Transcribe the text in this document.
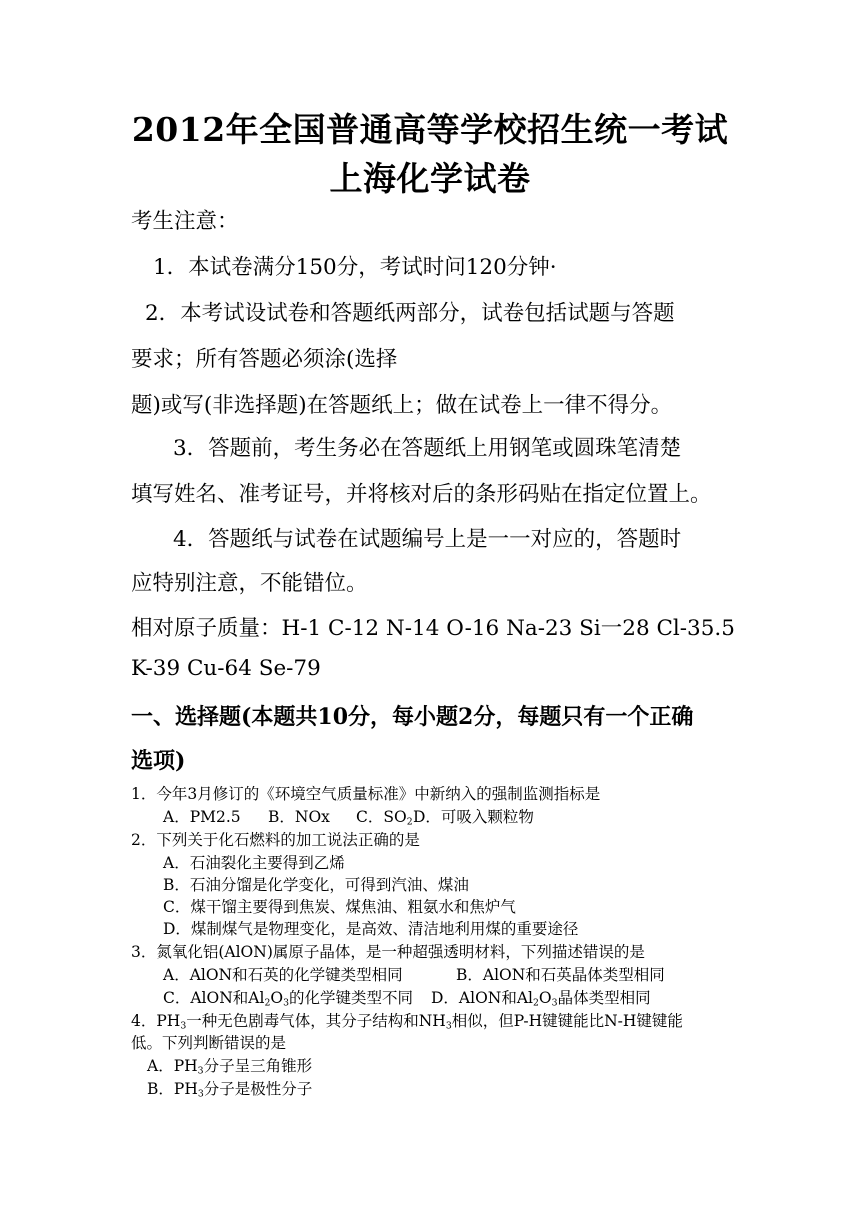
2012年全国普通高等学校招生统一考试
上海化学试卷
考生注意：
1．本试卷满分150分，考试时问120分钟·
2．本考试设试卷和答题纸两部分，试卷包括试题与答题
要求；所有答题必须涂(选择
题)或写(非选择题)在答题纸上；做在试卷上一律不得分。
3．答题前，考生务必在答题纸上用钢笔或圆珠笔清楚
填写姓名、准考证号，并将核对后的条形码贴在指定位置上。
4．答题纸与试卷在试题编号上是一一对应的，答题时
应特别注意，不能错位。
相对原子质量：H-1 C-12 N-14 O-16 Na-23 Si一28 Cl-35.5
K-39 Cu-64 Se-79
一、选择题(本题共10分，每小题2分，每题只有一个正确
选项)
1．今年3月修订的《环境空气质量标准》中新纳入的强制监测指标是
A．PM2.5 B．NOx C．$SO_2$ D．可吸入颗粒物
2．下列关于化石燃料的加工说法正确的是
A．石油裂化主要得到乙烯
B．石油分馏是化学变化，可得到汽油、煤油
C．煤干馏主要得到焦炭、煤焦油、粗氨水和焦炉气
D．煤制煤气是物理变化，是高效、清洁地利用煤的重要途径
3．氮氧化铝(AlON)属原子晶体，是一种超强透明材料，下列描述错误的是
A．AlON和石英的化学键类型相同	B．AlON和石英晶体类型相同
C．AlON和$Al_2O_3$的化学键类型不同 D．AlON和$Al_2O_3$晶体类型相同
4．$PH_3$一种无色剧毒气体，其分子结构和$NH_3$相似，但P-H键键能比N-H键键能
低。下列判断错误的是
A．$PH_3$分子呈三角锥形
B．$PH_3$分子是极性分子
